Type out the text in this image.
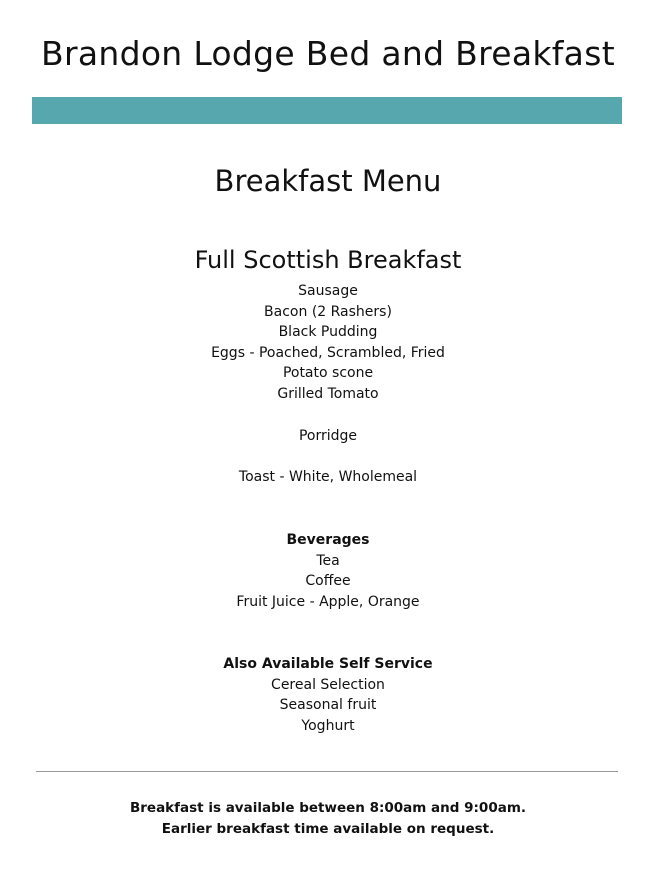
Brandon Lodge Bed and Breakfast
Breakfast Menu
Full Scottish Breakfast
Sausage
Bacon (2 Rashers)
Black Pudding
Eggs - Poached, Scrambled, Fried
Potato scone
Grilled Tomato
Porridge
Toast - White, Wholemeal
Beverages
Tea
Coffee
Fruit Juice - Apple, Orange
Also Available Self Service
Cereal Selection
Seasonal fruit
Yoghurt
Breakfast is available between 8:00am and 9:00am.
Earlier breakfast time available on request.
